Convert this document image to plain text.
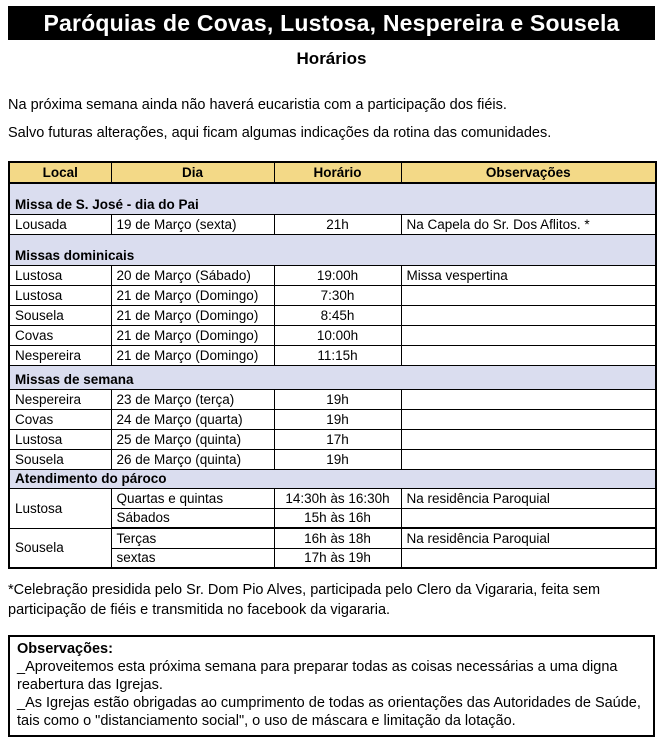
Paróquias de Covas, Lustosa, Nespereira e Sousela
Horários

Na próxima semana ainda não haverá eucaristia com a participação dos fiéis.

Salvo futuras alterações, aqui ficam algumas indicações da rotina das comunidades.

Local	Dia	Horário	Observações
Missa de S. José - dia do Pai			
Lousada	19 de Março (sexta)	21h	Na Capela do Sr. Dos Aflitos. *
Missas dominicais			
Lustosa	20 de Março (Sábado)	19:00h	Missa vespertina
Lustosa	21 de Março (Domingo)	7:30h	
Sousela	21 de Março (Domingo)	8:45h	
Covas	21 de Março (Domingo)	10:00h	
Nespereira	21 de Março (Domingo)	11:15h	
Missas de semana			
Nespereira	23 de Março (terça)	19h	
Covas	24 de Março (quarta)	19h	
Lustosa	25 de Março (quinta)	17h	
Sousela	26 de Março (quinta)	19h	
Atendimento do pároco			
Lustosa	Quartas e quintas	14:30h às 16:30h	Na residência Paroquial
	Sábados	15h às 16h	
Sousela	Terças	16h às 18h	Na residência Paroquial
	sextas	17h às 19h	

*Celebração presidida pelo Sr. Dom Pio Alves, participada pelo Clero da Vigararia, feita sem participação de fiéis e transmitida no facebook da vigararia.

Observações:

_Aproveitemos esta próxima semana para preparar todas as coisas necessárias a uma digna reabertura das Igrejas.

_As Igrejas estão obrigadas ao cumprimento de todas as orientações das Autoridades de Saúde, tais como o "distanciamento social", o uso de máscara e limitação da lotação.
